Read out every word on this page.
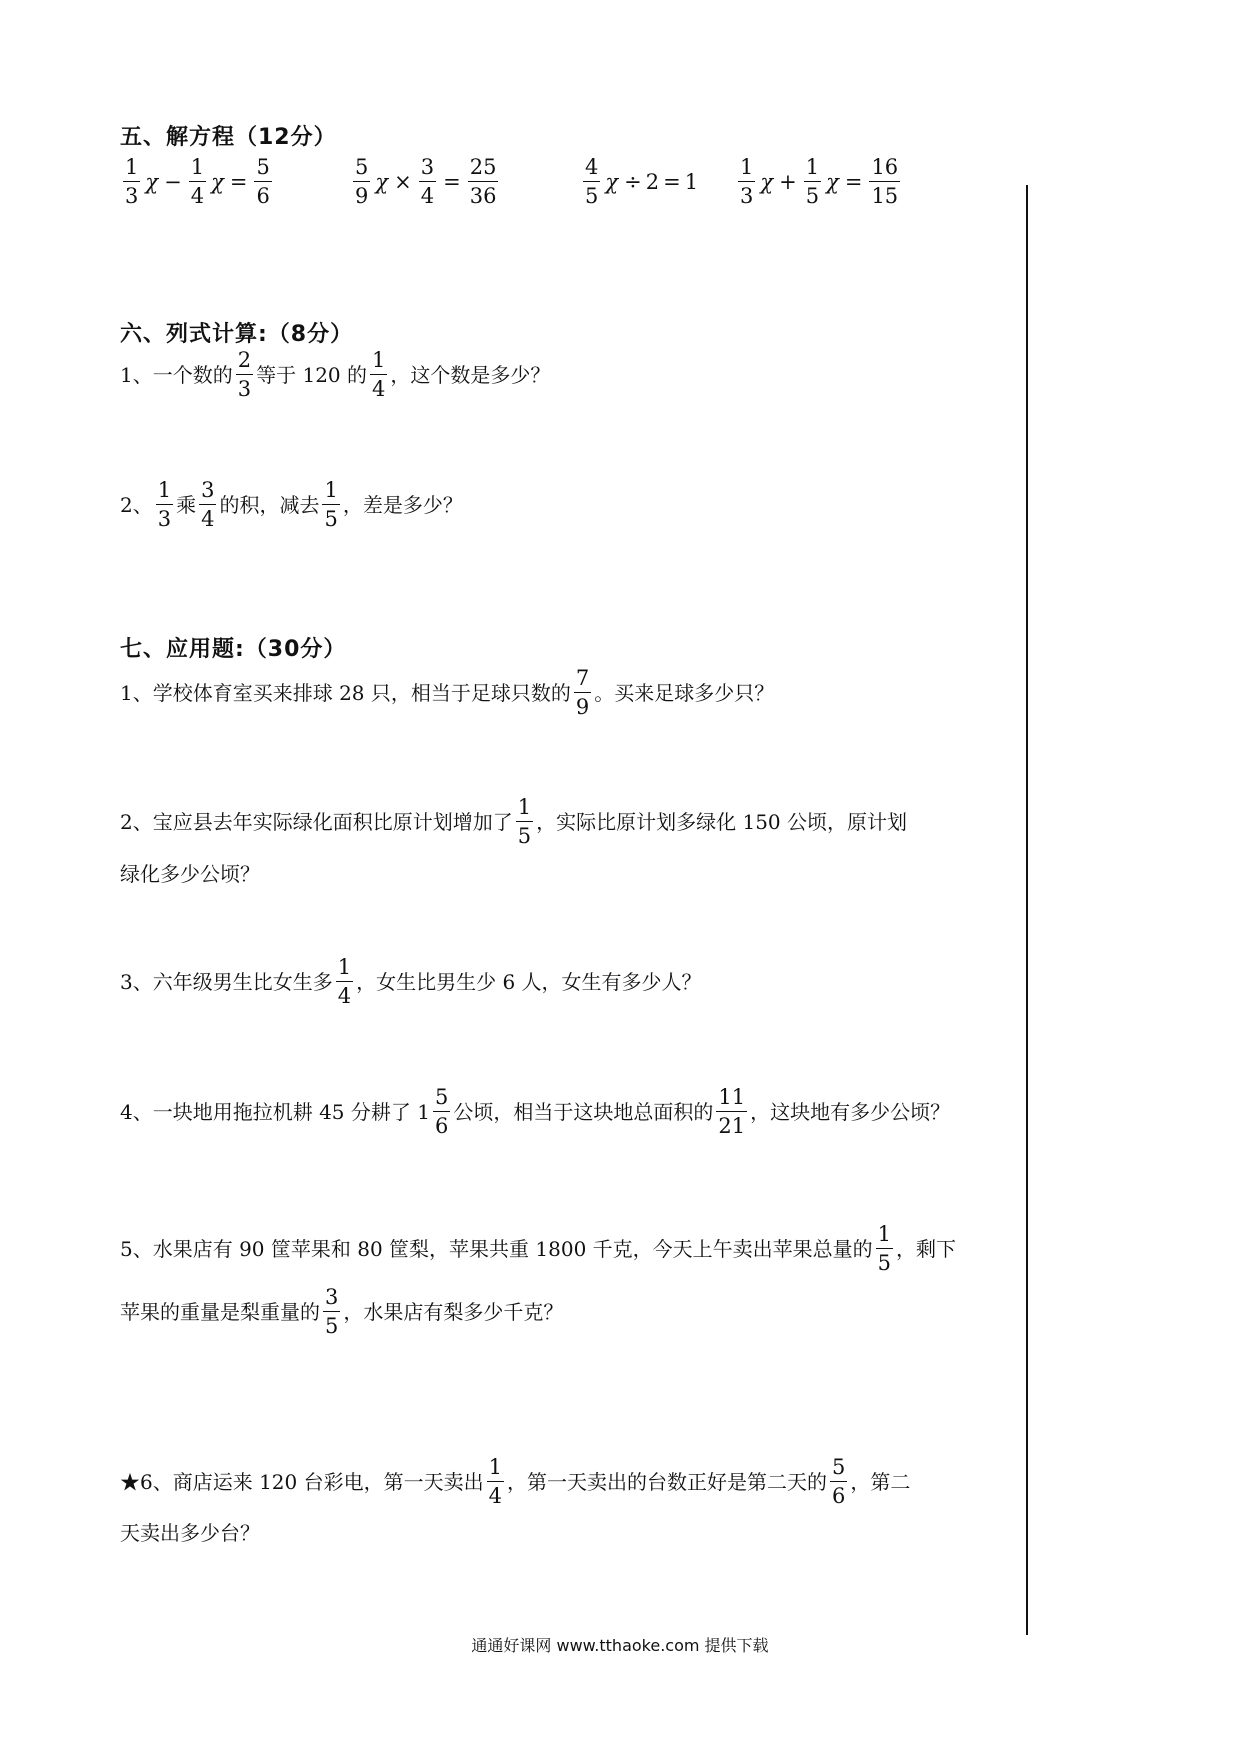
五、解方程（12分）
$\frac{1}{3}$ $\chi - \frac{1}{4}$ $\chi = \frac{5}{6}$	$\frac{5}{9}$ $\chi \times \frac{3}{4} = \frac{25}{36}$	$\frac{4}{5}$ $\chi \div 2 = 1 \frac{1}{3}$ $\chi + \frac{1}{5}$ $\chi = \frac{16}{15}$
六、列式计算:（8分）
1、一个数的 $\frac{2}{3}$ 等于 120 的 $\frac{1}{4}$ ，这个数是多少？
2、 $\frac{1}{3}$ 乘 $\frac{3}{4}$ 的积，减去 $\frac{1}{5}$ ，差是多少？
七、应用题:（30分）
1、学校体育室买来排球 28 只，相当于足球只数的 $\frac{7}{9}$ 。买来足球多少只？
2、宝应县去年实际绿化面积比原计划增加了 $\frac{1}{5}$ ，实际比原计划多绿化 150 公顷，原计划
绿化多少公顷？
3、六年级男生比女生多 $\frac{1}{4}$ ，女生比男生少 6 人，女生有多少人？
4、一块地用拖拉机耕 45 分耕了 $1 \frac{5}{6}$ 公顷，相当于这块地总面积的 $\frac{11}{21}$ ，这块地有多少公顷？
5、水果店有 90 筐苹果和 80 筐梨，苹果共重 1800 千克，今天上午卖出苹果总量的 $\frac{1}{5}$ ，剩下
苹果的重量是梨重量的 $\frac{3}{5}$ ，水果店有梨多少千克？
★6、商店运来 120 台彩电，第一天卖出 $\frac{1}{4}$ ，第一天卖出的台数正好是第二天的 $\frac{5}{6}$ ，第二
天卖出多少台？
通通好课网 www.tthaoke.com 提供下载
